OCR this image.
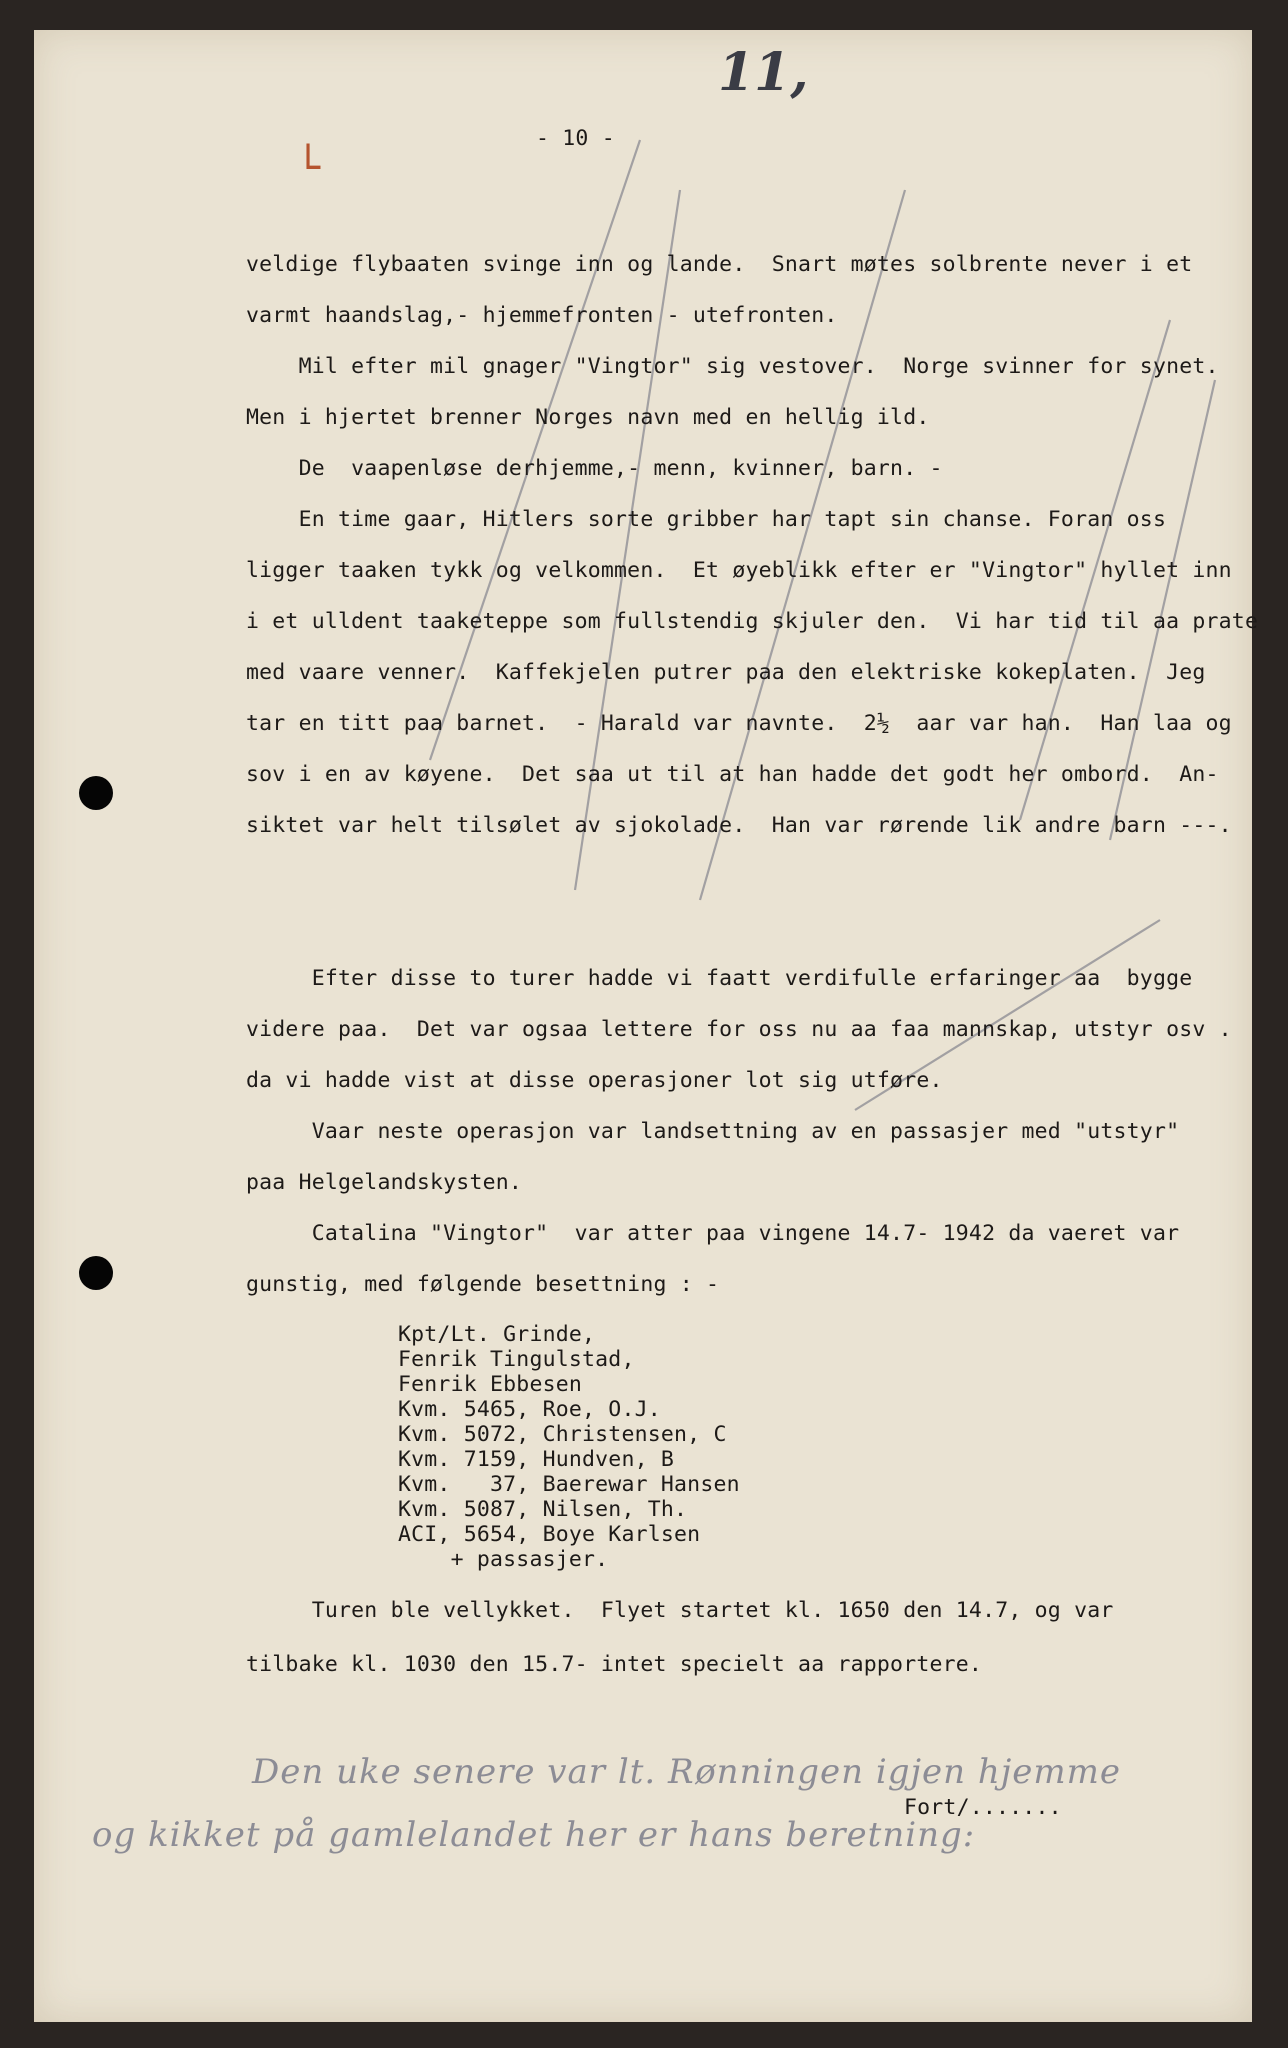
11,
└
- 10 -
veldige flybaaten svinge inn og lande.  Snart møtes solbrente never i et
varmt haandslag,- hjemmefronten - utefronten.
Mil efter mil gnager "Vingtor" sig vestover.  Norge svinner for synet.
Men i hjertet brenner Norges navn med en hellig ild.
De  vaapenløse derhjemme,- menn, kvinner, barn. -
En time gaar, Hitlers sorte gribber har tapt sin chanse. Foran oss
ligger taaken tykk og velkommen.  Et øyeblikk efter er "Vingtor" hyllet inn
i et ulldent taaketeppe som fullstendig skjuler den.  Vi har tid til aa prate
med vaare venner.  Kaffekjelen putrer paa den elektriske kokeplaten.  Jeg
tar en titt paa barnet.  - Harald var navnte.  2½  aar var han.  Han laa og
sov i en av køyene.  Det saa ut til at han hadde det godt her ombord.  An-
siktet var helt tilsølet av sjokolade.  Han var rørende lik andre barn ---.
Efter disse to turer hadde vi faatt verdifulle erfaringer aa  bygge
videre paa.  Det var ogsaa lettere for oss nu aa faa mannskap, utstyr osv .
da vi hadde vist at disse operasjoner lot sig utføre.
Vaar neste operasjon var landsettning av en passasjer med "utstyr"
paa Helgelandskysten.
Catalina "Vingtor"  var atter paa vingene 14.7- 1942 da vaeret var
gunstig, med følgende besettning : -
Kpt/Lt. Grinde,
Fenrik Tingulstad,
Fenrik Ebbesen
Kvm. 5465, Roe, O.J.
Kvm. 5072, Christensen, C
Kvm. 7159, Hundven, B
Kvm.   37, Baerewar Hansen
Kvm. 5087, Nilsen, Th.
ACI, 5654, Boye Karlsen
+ passasjer.
Turen ble vellykket.  Flyet startet kl. 1650 den 14.7, og var
tilbake kl. 1030 den 15.7- intet specielt aa rapportere.
Fort/.......
Den uke senere var lt. Rønningen igjen hjemme
og kikket på gamlelandet her er hans beretning:
